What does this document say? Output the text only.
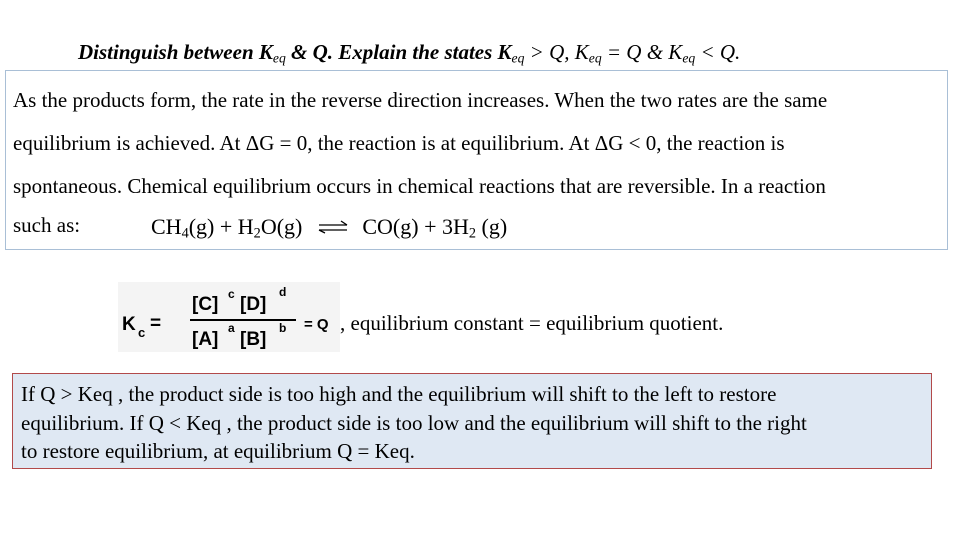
Distinguish between $K_{eq}$ & Q. Explain the states $K_{eq} > Q$, $K_{eq} = Q$ & $K_{eq} < Q$.
As the products form, the rate in the reverse direction increases. When the two rates are the same
equilibrium is achieved. At ΔG = 0, the reaction is at equilibrium. At ΔG < 0, the reaction is
spontaneous. Chemical equilibrium occurs in chemical reactions that are reversible. In a reaction
such as:	$CH_4(g) + H_2O(g)$ ⇌ $CO(g) + 3H_2$ (g)
K c =
[C] c [D]
d
[A]
a
[B]
b = Q , equilibrium constant = equilibrium quotient.
If Q > Keq , the product side is too high and the equilibrium will shift to the left to restore
equilibrium. If Q < Keq , the product side is too low and the equilibrium will shift to the right
to restore equilibrium, at equilibrium Q = Keq.
